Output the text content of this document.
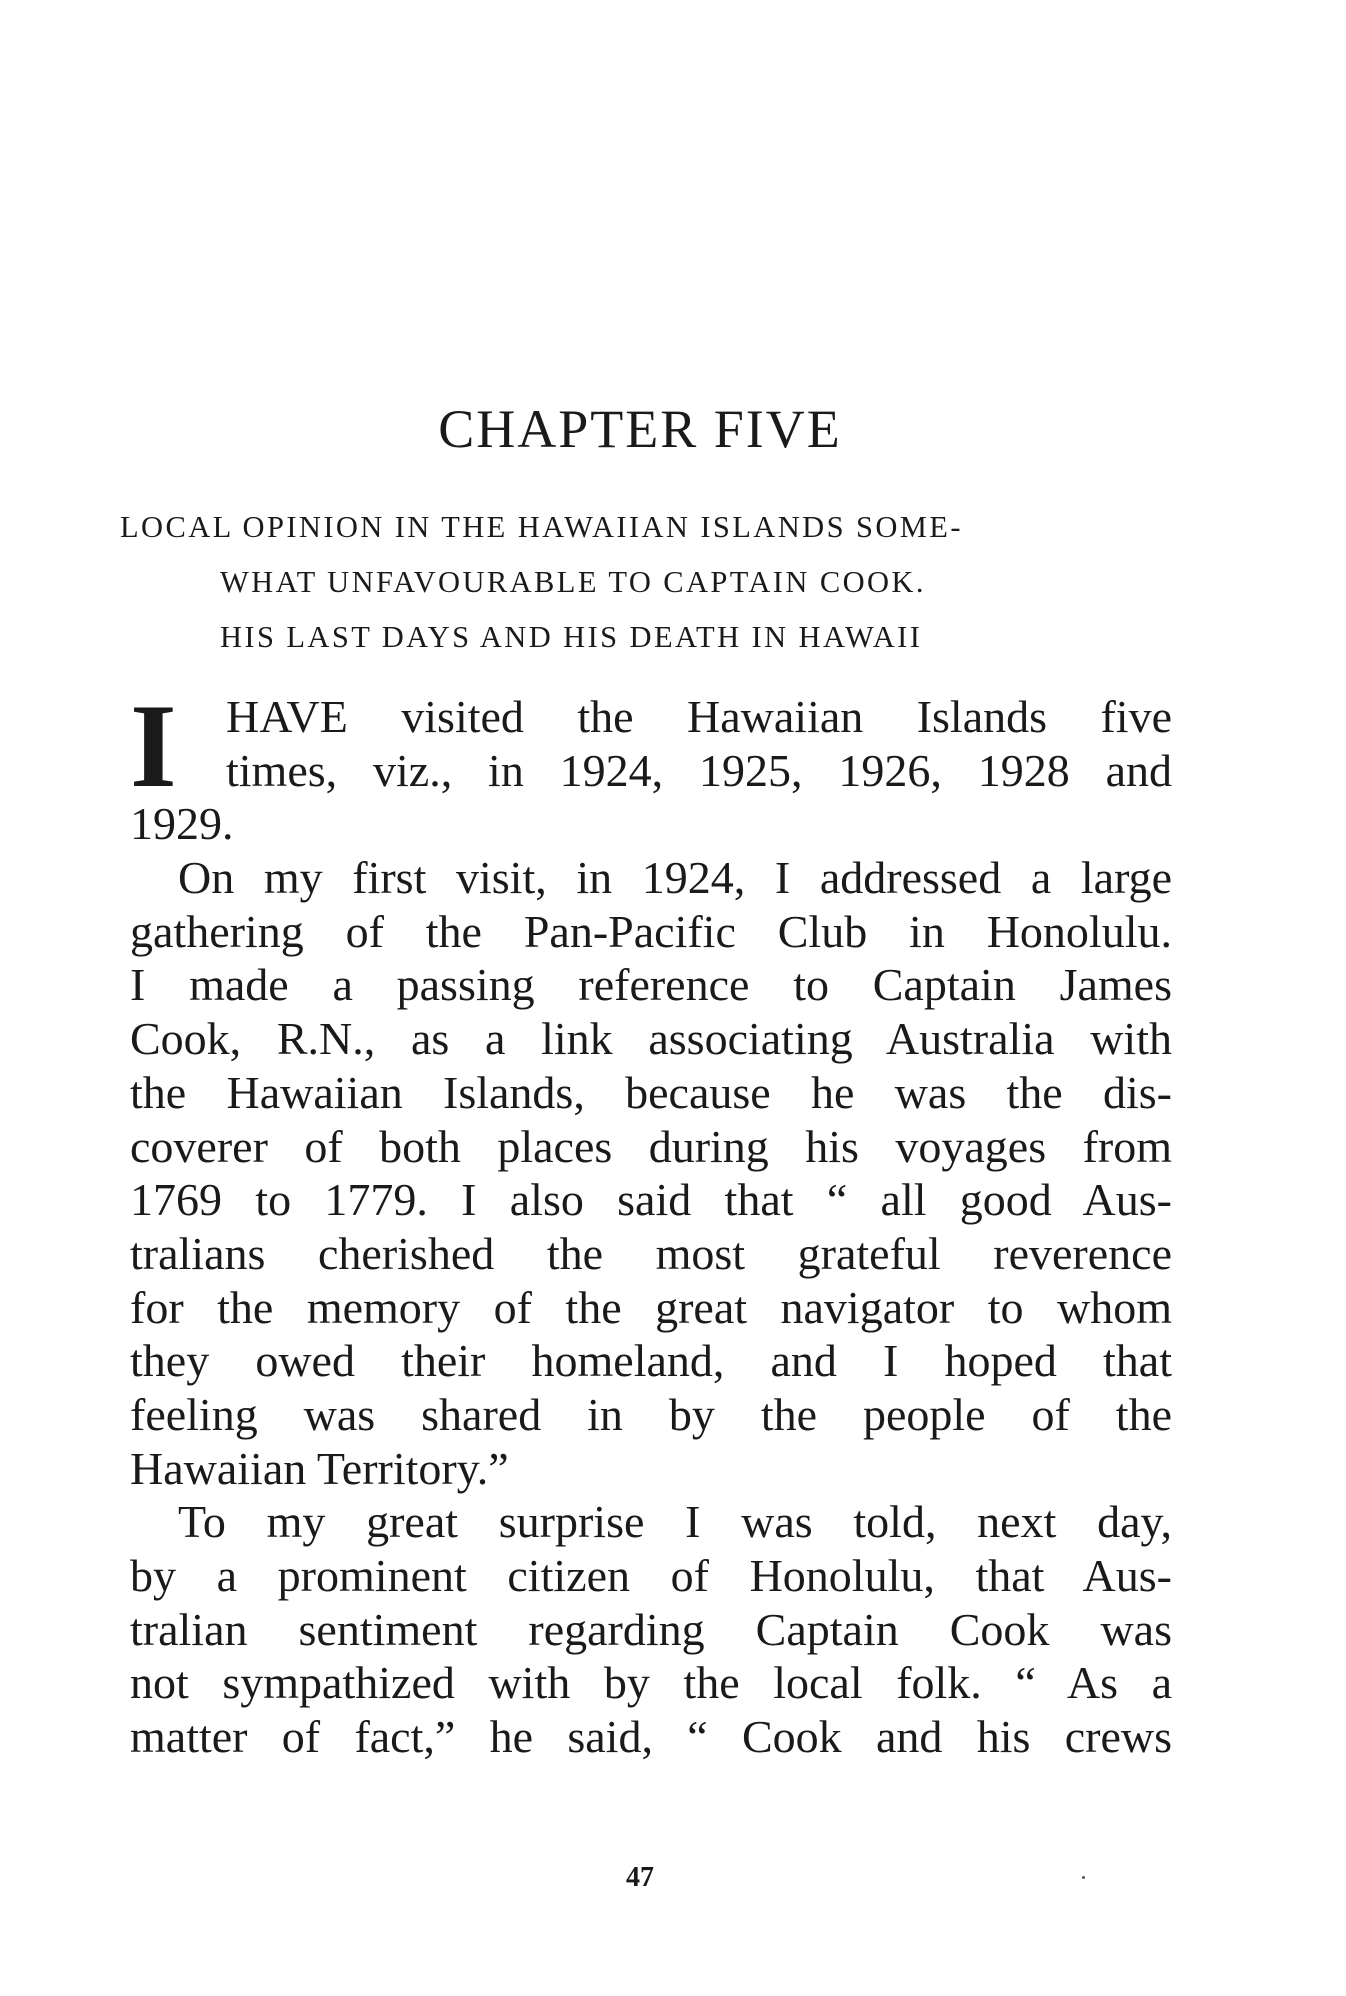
CHAPTER FIVE
LOCAL OPINION IN THE HAWAIIAN ISLANDS SOME-
WHAT UNFAVOURABLE TO CAPTAIN COOK.
HIS LAST DAYS AND HIS DEATH IN HAWAII
I	HAVE visited the Hawaiian Islands five
times, viz., in 1924, 1925, 1926, 1928 and
1929.
On my first visit, in 1924, I addressed a large
gathering of the Pan-Pacific Club in Honolulu.
I made a passing reference to Captain James
Cook, R.N., as a link associating Australia with
the Hawaiian Islands, because he was the dis-
coverer of both places during his voyages from
1769 to 1779. I also said that “ all good Aus-
tralians cherished the most grateful reverence
for the memory of the great navigator to whom
they owed their homeland, and I hoped that
feeling was shared in by the people of the
Hawaiian Territory.”
To my great surprise I was told, next day,
by a prominent citizen of Honolulu, that Aus-
tralian sentiment regarding Captain Cook was
not sympathized with by the local folk. “ As a
matter of fact,” he said, “ Cook and his crews
47
